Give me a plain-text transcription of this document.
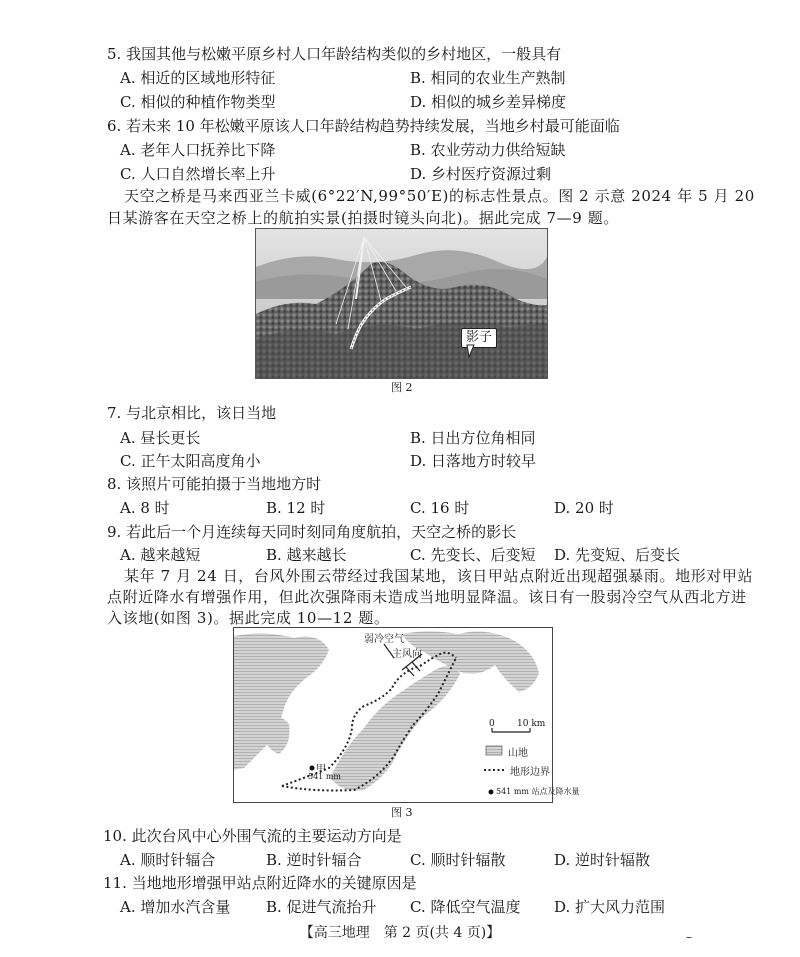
5. 我国其他与松嫩平原乡村人口年龄结构类似的乡村地区，一般具有
A. 相近的区域地形特征	B. 相同的农业生产熟制
C. 相似的种植作物类型	D. 相似的城乡差异梯度
6. 若未来 10 年松嫩平原该人口年龄结构趋势持续发展，当地乡村最可能面临
A. 老年人口抚养比下降	B. 农业劳动力供给短缺
C. 人口自然增长率上升	D. 乡村医疗资源过剩
天空之桥是马来西亚兰卡威(6°22′N,99°50′E)的标志性景点。图 2 示意 2024 年 5 月 20
日某游客在天空之桥上的航拍实景(拍摄时镜头向北)。据此完成 7—9 题。
影子
图 2
7. 与北京相比，该日当地
A. 昼长更长	B. 日出方位角相同
C. 正午太阳高度角小	D. 日落地方时较早
8. 该照片可能拍摄于当地地方时
A. 8 时	B. 12 时	C. 16 时	D. 20 时
9. 若此后一个月连续每天同时刻同角度航拍，天空之桥的影长
A. 越来越短	B. 越来越长	C. 先变长、后变短 D. 先变短、后变长
某年 7 月 24 日，台风外围云带经过我国某地，该日甲站点附近出现超强暴雨。地形对甲站
点附近降水有增强作用，但此次强降雨未造成当地明显降温。该日有一股弱冷空气从西北方进
入该地(如图 3)。据此完成 10—12 题。
弱冷空气
主风向
甲
541 mm
0 10 km
山地
地形边界
541 mm 站点及降水量
图 3
10. 此次台风中心外围气流的主要运动方向是
A. 顺时针辐合	B. 逆时针辐合	C. 顺时针辐散	D. 逆时针辐散
11. 当地地形增强甲站点附近降水的关键原因是
A. 增加水汽含量 B. 促进气流抬升 C. 降低空气温度 D. 扩大风力范围
【高三地理　第 2 页(共 4 页)】	–
